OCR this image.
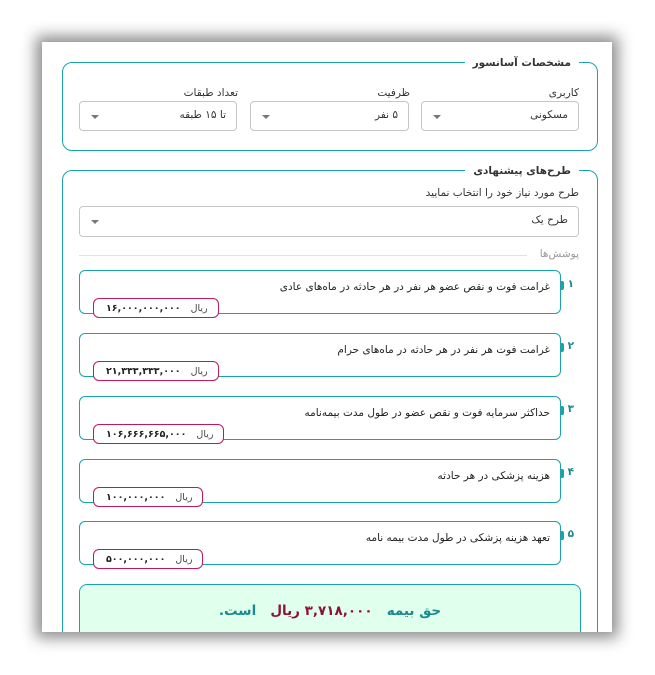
مشخصات آسانسور
کاربری
مسکونی
ظرفیت
۵ نفر
تعداد طبقات
تا ۱۵ طبقه
طرح‌های پیشنهادی
طرح مورد نیاز خود را انتخاب نمایید
طرح یک
پوشش‌ها
۱
غرامت فوت و نقص عضو هر نفر در هر حادثه در ماه‌های عادی
ریال
۱۶,۰۰۰,۰۰۰,۰۰۰
۲
غرامت فوت هر نفر در هر حادثه در ماه‌های حرام
ریال
۲۱,۳۳۳,۳۳۳,۰۰۰
۳
حداکثر سرمایه فوت و نقص عضو در طول مدت بیمه‌نامه
ریال
۱۰۶,۶۶۶,۶۶۵,۰۰۰
۴
هزینه پزشکی در هر حادثه
ریال
۱۰۰,۰۰۰,۰۰۰
۵
تعهد هزینه پزشکی در طول مدت بیمه نامه
ریال
۵۰۰,۰۰۰,۰۰۰
حق بیمه   ۳,۷۱۸,۰۰۰ ریال   است.
